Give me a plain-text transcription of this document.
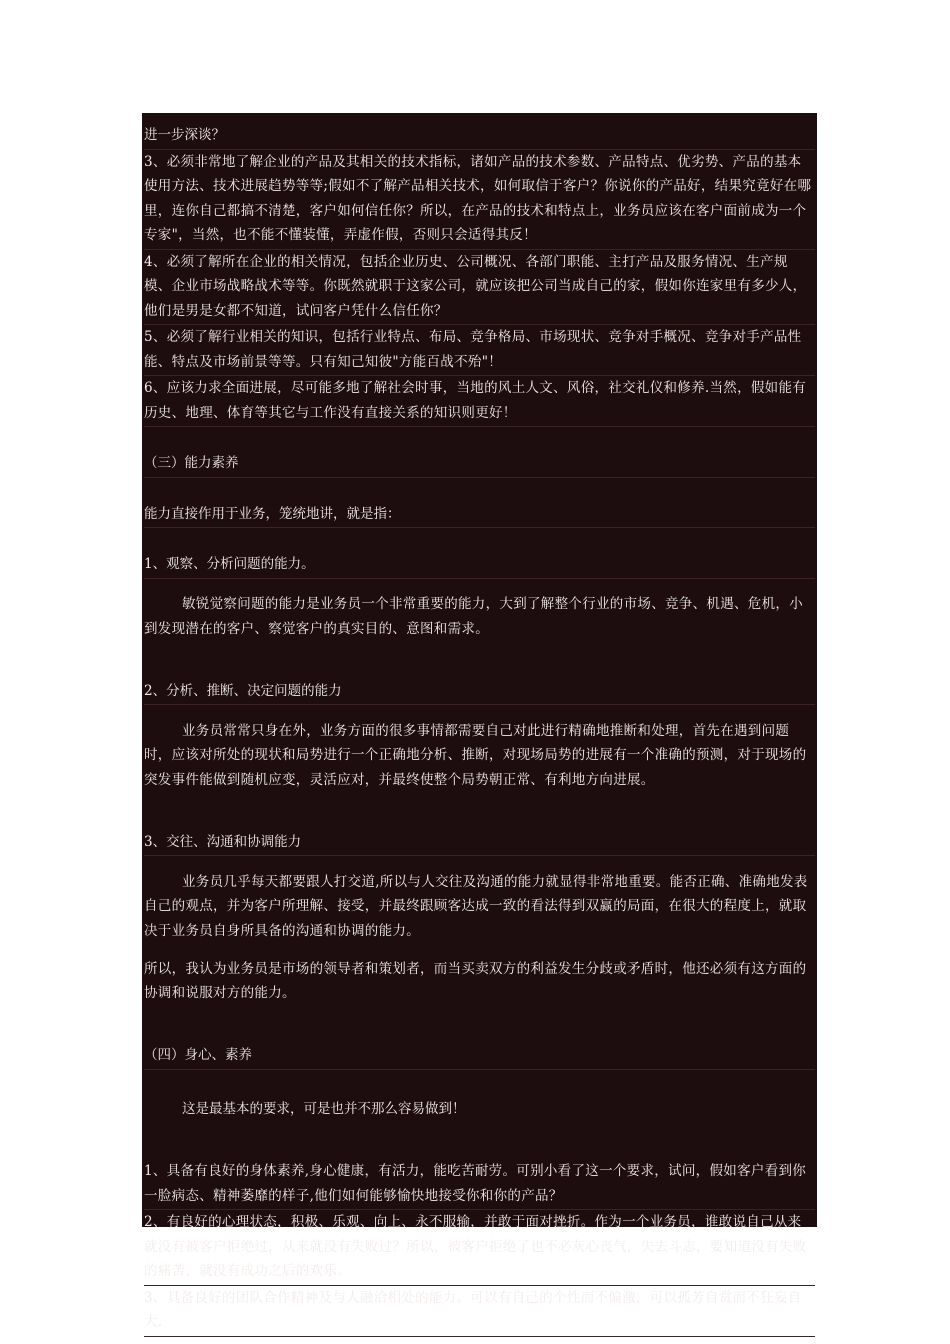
进一步深谈？

3、必须非常地了解企业的产品及其相关的技术指标，诸如产品的技术参数、产品特点、优劣势、产品的基本使用方法、技术进展趋势等等;假如不了解产品相关技术，如何取信于客户？你说你的产品好，结果究竟好在哪里，连你自己都搞不清楚，客户如何信任你？所以，在产品的技术和特点上，业务员应该在客户面前成为一个专家"，当然，也不能不懂装懂，弄虚作假，否则只会适得其反！

4、必须了解所在企业的相关情况，包括企业历史、公司概况、各部门职能、主打产品及服务情况、生产规模、企业市场战略战术等等。你既然就职于这家公司，就应该把公司当成自己的家，假如你连家里有多少人，他们是男是女都不知道，试问客户凭什么信任你？

5、必须了解行业相关的知识，包括行业特点、布局、竞争格局、市场现状、竞争对手概况、竞争对手产品性能、特点及市场前景等等。只有知己知彼"方能百战不殆"！

6、应该力求全面进展，尽可能多地了解社会时事，当地的风土人文、风俗，社交礼仪和修养.当然，假如能有历史、地理、体育等其它与工作没有直接关系的知识则更好！

（三）能力素养

能力直接作用于业务，笼统地讲，就是指：

1、观察、分析问题的能力。

敏锐觉察问题的能力是业务员一个非常重要的能力，大到了解整个行业的市场、竞争、机遇、危机，小到发现潜在的客户、察觉客户的真实目的、意图和需求。

2、分析、推断、决定问题的能力

业务员常常只身在外，业务方面的很多事情都需要自己对此进行精确地推断和处理，首先在遇到问题时，应该对所处的现状和局势进行一个正确地分析、推断，对现场局势的进展有一个准确的预测，对于现场的突发事件能做到随机应变，灵活应对，并最终使整个局势朝正常、有利地方向进展。

3、交往、沟通和协调能力

业务员几乎每天都要跟人打交道,所以与人交往及沟通的能力就显得非常地重要。能否正确、准确地发表自己的观点，并为客户所理解、接受，并最终跟顾客达成一致的看法得到双赢的局面，在很大的程度上，就取决于业务员自身所具备的沟通和协调的能力。

所以，我认为业务员是市场的领导者和策划者，而当买卖双方的利益发生分歧或矛盾时，他还必须有这方面的协调和说服对方的能力。

（四）身心、素养

这是最基本的要求，可是也并不那么容易做到！

1、具备有良好的身体素养,身心健康，有活力，能吃苦耐劳。可别小看了这一个要求，试问，假如客户看到你一脸病态、精神萎靡的样子,他们如何能够愉快地接受你和你的产品？

2、有良好的心理状态，积极、乐观、向上、永不服输，并敢于面对挫折。作为一个业务员，谁敢说自己从来就没有被客户拒绝过，从来就没有失败过？所以，被客户拒绝了也不必灰心丧气，失去斗志，要知道没有失败的痛苦，就没有成功之后的欢乐。

3、具备良好的团队合作精神及与人融洽相处的能力。可以有自己的个性而不偏激，可以孤芳自赏而不狂妄自大.
